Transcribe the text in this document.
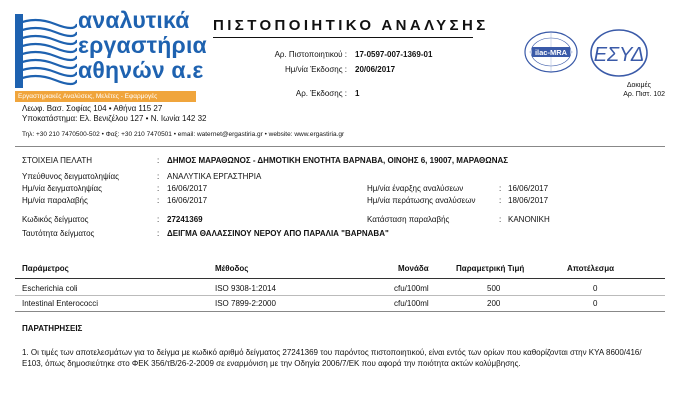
αναλυτικά
εργαστήρια
αθηνών α.ε
Εργαστηριακές Αναλύσεις, Μελέτες - Εφαρμογές
Λεωφ. Βασ. Σοφίας 104 • Αθήνα 115 27
Υποκατάστημα: Ελ. Βενιζέλου 127 • Ν. Ιωνία 142 32
Τηλ: +30 210 7470500-502 • Φαξ: +30 210 7470501 • email: waternet@ergastiria.gr • website: www.ergastiria.gr
ΠΙΣΤΟΠΟΙΗΤΙΚΟ ΑΝΑΛΥΣΗΣ
Αρ. Πιστοποιητικού : 17-0597-007-1369-01
Ημ/νία Έκδοσης : 20/06/2017
Αρ. Έκδοσης : 1
ilac-MRA ΕΣΥΔ
Δοκιμές
Αρ. Πιστ. 102
ΣΤΟΙΧΕΙΑ ΠΕΛΑΤΗ	: ΔΗΜΟΣ ΜΑΡΑΘΩΝΟΣ - ΔΗΜΟΤΙΚΗ ΕΝΟΤΗΤΑ ΒΑΡΝΑΒΑ, ΟΙΝΟΗΣ 6, 19007, ΜΑΡΑΘΩΝΑΣ
Υπεύθυνος δειγματοληψίας	: ΑΝΑΛΥΤΙΚΑ ΕΡΓΑΣΤΗΡΙΑ
Ημ/νία δειγματοληψίας	: 16/06/2017	Ημ/νία έναρξης αναλύσεων	: 16/06/2017
Ημ/νία παραλαβής	: 16/06/2017	Ημ/νία περάτωσης αναλύσεων	: 18/06/2017
Κωδικός δείγματος	: 27241369	Κατάσταση παραλαβής	: ΚΑΝΟΝΙΚΗ
Ταυτότητα δείγματος	: ΔΕΙΓΜΑ ΘΑΛΑΣΣΙΝΟΥ ΝΕΡΟΥ ΑΠΟ ΠΑΡΑΛΙΑ "ΒΑΡΝΑΒΑ"
Παράμετρος	Μέθοδος	Μονάδα	Παραμετρική Τιμή	Αποτέλεσμα
Escherichia coli	ISO 9308-1:2014	cfu/100ml	500	0
Intestinal Enterococci	ISO 7899-2:2000	cfu/100ml	200	0
ΠΑΡΑΤΗΡΗΣΕΙΣ
1. Οι τιμές των αποτελεσμάτων για το δείγμα με κωδικό αριθμό δείγματος 27241369 του παρόντος πιστοποιητικού, είναι εντός των ορίων που καθορίζονται στην ΚΥΑ 8600/416/Ε103, όπως δημοσιεύτηκε στο ΦΕΚ 356/τΒ/26-2-2009 σε εναρμόνιση με την Οδηγία 2006/7/ΕΚ που αφορά την ποιότητα ακτών κολύμβησης.
